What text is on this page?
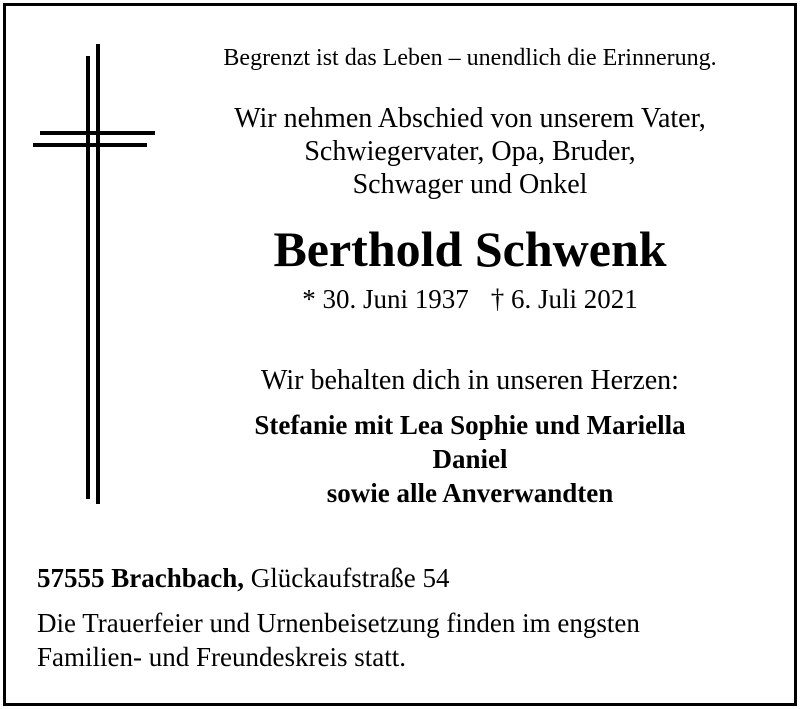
Begrenzt ist das Leben – unendlich die Erinnerung.
Wir nehmen Abschied von unserem Vater,
Schwiegervater, Opa, Bruder,
Schwager und Onkel
Berthold Schwenk
* 30. Juni 1937 † 6. Juli 2021
Wir behalten dich in unseren Herzen:
Stefanie mit Lea Sophie und Mariella
Daniel
sowie alle Anverwandten
57555 Brachbach, Glückaufstraße 54
Die Trauerfeier und Urnenbeisetzung finden im engsten
Familien- und Freundeskreis statt.
